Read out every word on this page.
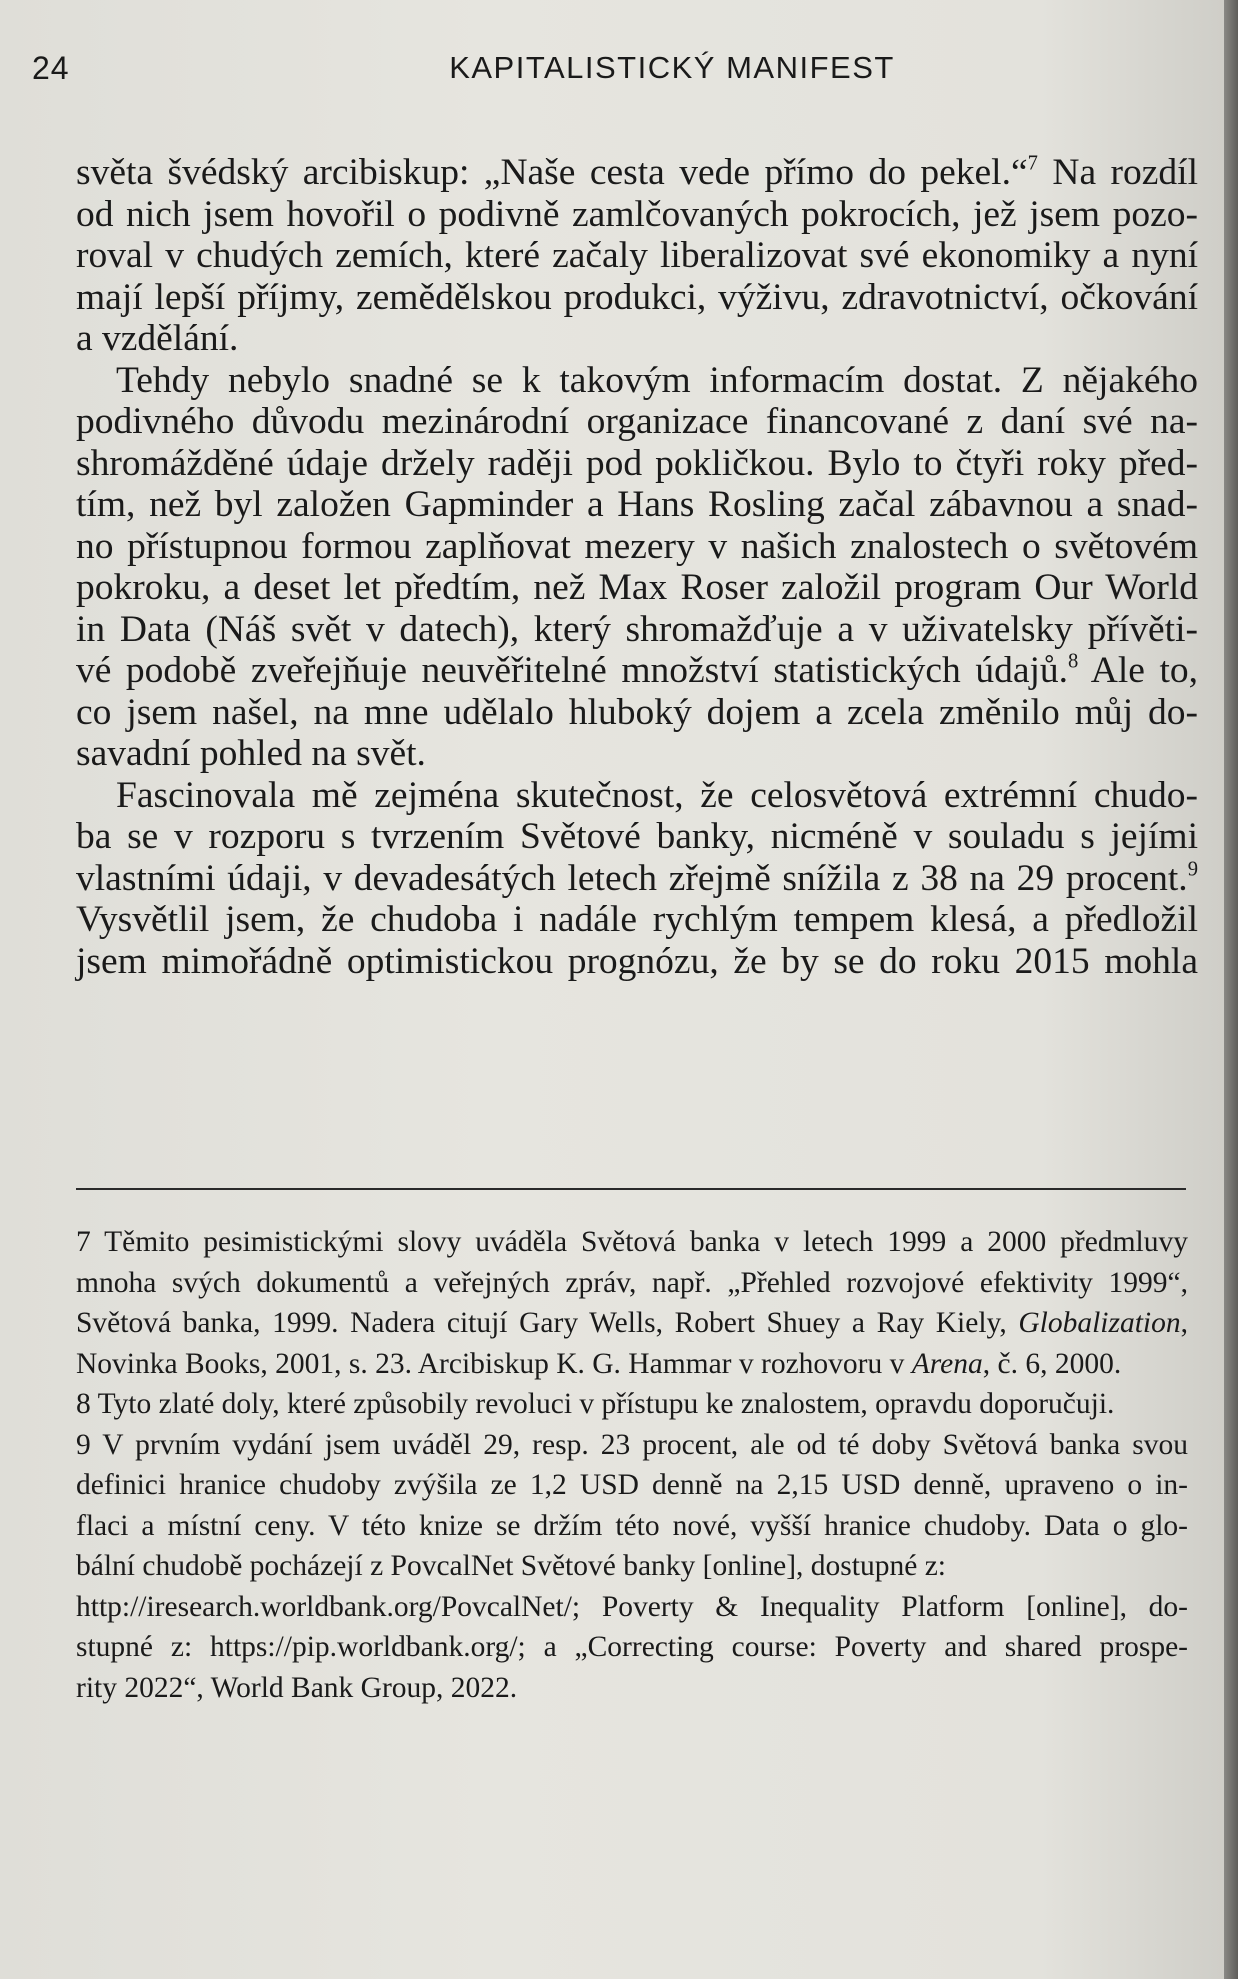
24	KAPITALISTICKÝ MANIFEST
světa švédský arcibiskup: „Naše cesta vede přímo do pekel.“$^7$ Na rozdíl
od nich jsem hovořil o podivně zamlčovaných pokrocích, jež jsem pozo-
roval v chudých zemích, které začaly liberalizovat své ekonomiky a nyní
mají lepší příjmy, zemědělskou produkci, výživu, zdravotnictví, očkování
a vzdělání.
Tehdy nebylo snadné se k takovým informacím dostat. Z nějakého
podivného důvodu mezinárodní organizace financované z daní své na-
shromážděné údaje držely raději pod pokličkou. Bylo to čtyři roky před-
tím, než byl založen Gapminder a Hans Rosling začal zábavnou a snad-
no přístupnou formou zaplňovat mezery v našich znalostech o světovém
pokroku, a deset let předtím, než Max Roser založil program Our World
in Data (Náš svět v datech), který shromažďuje a v uživatelsky přívěti-
vé podobě zveřejňuje neuvěřitelné množství statistických údajů.$^8$ Ale to,
co jsem našel, na mne udělalo hluboký dojem a zcela změnilo můj do-
savadní pohled na svět.
Fascinovala mě zejména skutečnost, že celosvětová extrémní chudo-
ba se v rozporu s tvrzením Světové banky, nicméně v souladu s jejími
vlastními údaji, v devadesátých letech zřejmě snížila z 38 na 29 procent.$^9$
Vysvětlil jsem, že chudoba i nadále rychlým tempem klesá, a předložil
jsem mimořádně optimistickou prognózu, že by se do roku 2015 mohla
7 Těmito pesimistickými slovy uváděla Světová banka v letech 1999 a 2000 předmluvy
mnoha svých dokumentů a veřejných zpráv, např. „Přehled rozvojové efektivity 1999“,
Světová banka, 1999. Nadera citují Gary Wells, Robert Shuey a Ray Kiely, Globalization,
Novinka Books, 2001, s. 23. Arcibiskup K. G. Hammar v rozhovoru v Arena, č. 6, 2000.
8 Tyto zlaté doly, které způsobily revoluci v přístupu ke znalostem, opravdu doporučuji.
9 V prvním vydání jsem uváděl 29, resp. 23 procent, ale od té doby Světová banka svou
definici hranice chudoby zvýšila ze 1,2 USD denně na 2,15 USD denně, upraveno o in-
flaci a místní ceny. V této knize se držím této nové, vyšší hranice chudoby. Data o glo-
bální chudobě pocházejí z PovcalNet Světové banky [online], dostupné z:
http://iresearch.worldbank.org/PovcalNet/; Poverty & Inequality Platform [online], do-
stupné z: https://pip.worldbank.org/; a „Correcting course: Poverty and shared prospe-
rity 2022“, World Bank Group, 2022.
